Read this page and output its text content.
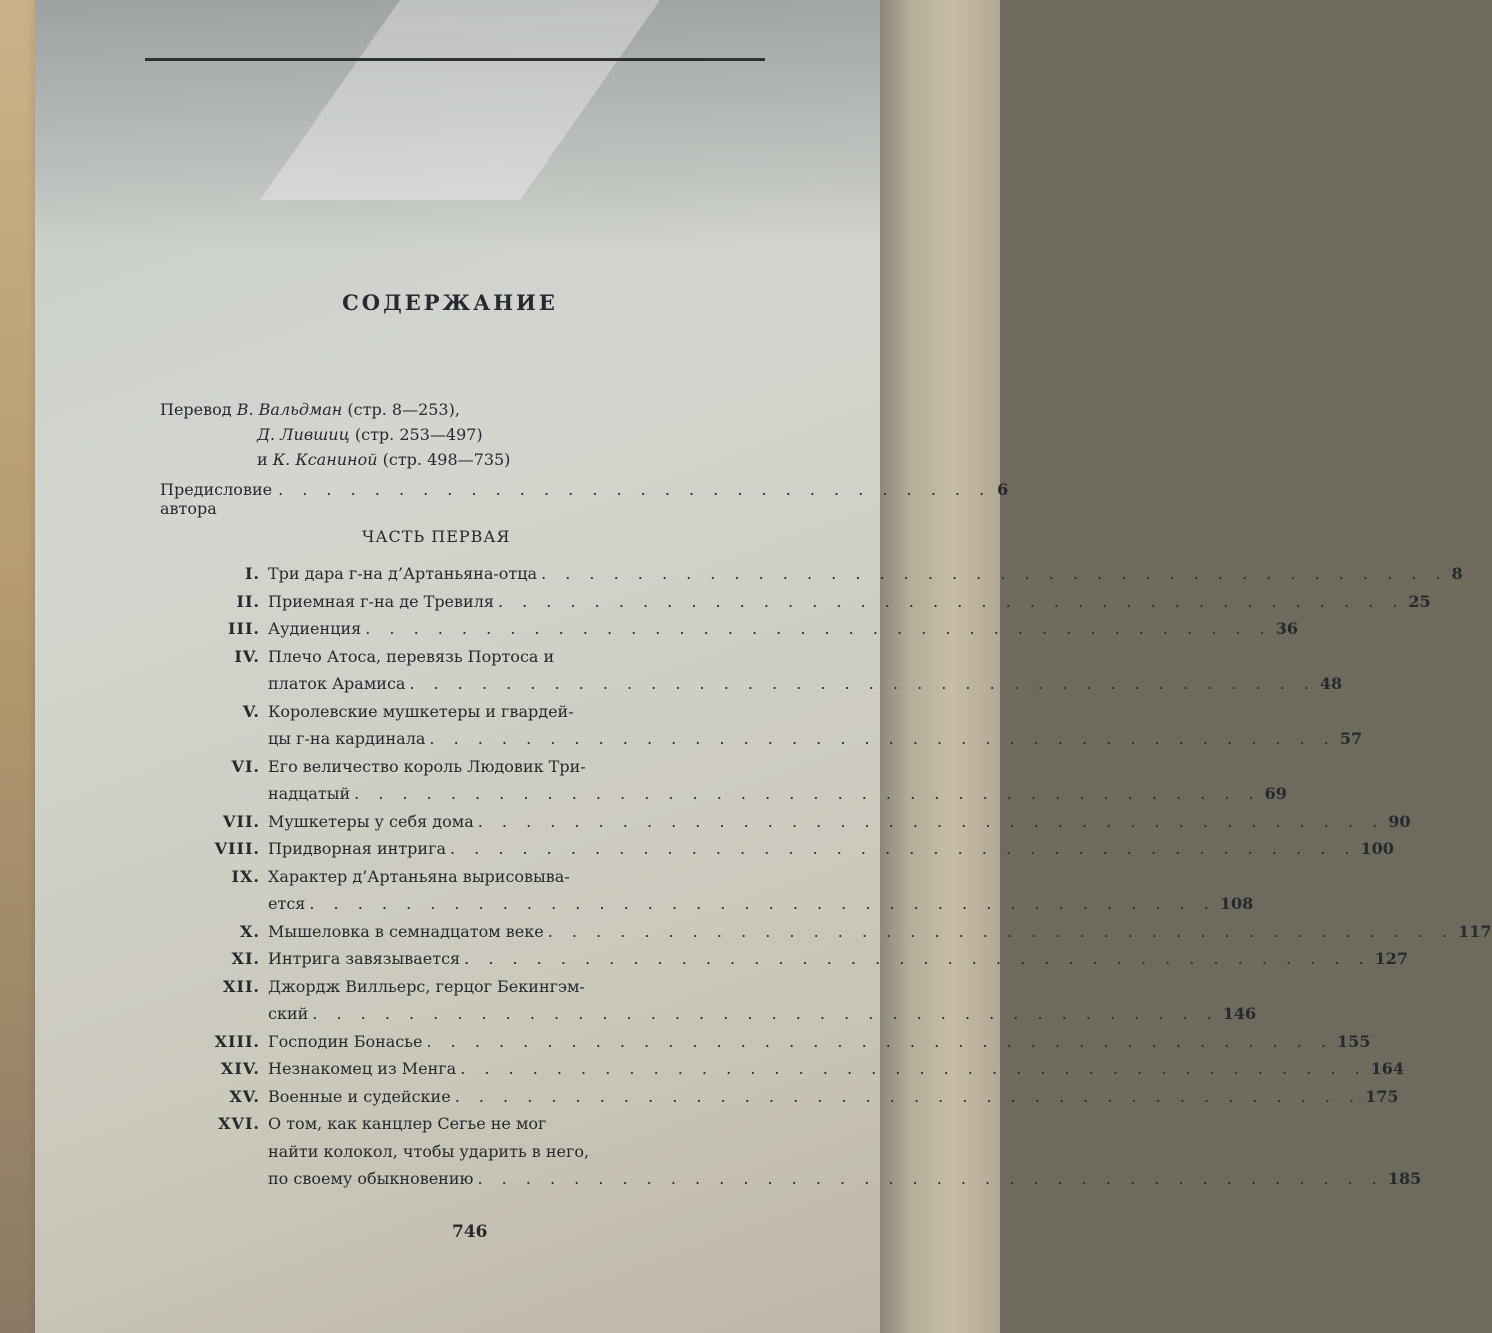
СОДЕРЖАНИЕ
Перевод В. Вальдман (стр. 8—253),
Д. Лившиц (стр. 253—497)
и К. Ксаниной (стр. 498—735)
Предисловие автора
. . . . . . . . . . . . . . . . . . . . . . . . . . . . . . 6
ЧАСТЬ ПЕРВАЯ
I. Три дара г-на д’Артаньяна-отца . . . . . . . . . . . . . . . . . . . . . . . . . . . . . . . . . . . . . . 8
II. Приемная г-на де Тревиля . . . . . . . . . . . . . . . . . . . . . . . . . . . . . . . . . . . . . . 25
III. Аудиенция . . . . . . . . . . . . . . . . . . . . . . . . . . . . . . . . . . . . . . 36
IV. Плечо Атоса, перевязь Портоса и
платок Арамиса . . . . . . . . . . . . . . . . . . . . . . . . . . . . . . . . . . . . . . 48
V. Королевские мушкетеры и гвардей-
цы г-на кардинала . . . . . . . . . . . . . . . . . . . . . . . . . . . . . . . . . . . . . . 57
VI. Его величество король Людовик Три-
надцатый . . . . . . . . . . . . . . . . . . . . . . . . . . . . . . . . . . . . . . 69
VII. Мушкетеры у себя дома . . . . . . . . . . . . . . . . . . . . . . . . . . . . . . . . . . . . . . 90
VIII. Придворная интрига . . . . . . . . . . . . . . . . . . . . . . . . . . . . . . . . . . . . . . 100
IX. Характер д’Артаньяна вырисовыва-
ется . . . . . . . . . . . . . . . . . . . . . . . . . . . . . . . . . . . . . . 108
X. Мышеловка в семнадцатом веке . . . . . . . . . . . . . . . . . . . . . . . . . . . . . . . . . . . . . . 117
XI. Интрига завязывается . . . . . . . . . . . . . . . . . . . . . . . . . . . . . . . . . . . . . . 127
XII. Джордж Вилльерс, герцог Бекингэм-
ский . . . . . . . . . . . . . . . . . . . . . . . . . . . . . . . . . . . . . . 146
XIII. Господин Бонасье . . . . . . . . . . . . . . . . . . . . . . . . . . . . . . . . . . . . . . 155
XIV. Незнакомец из Менга . . . . . . . . . . . . . . . . . . . . . . . . . . . . . . . . . . . . . . 164
XV. Военные и судейские . . . . . . . . . . . . . . . . . . . . . . . . . . . . . . . . . . . . . . 175
XVI. О том, как канцлер Сегье не мог
найти колокол, чтобы ударить в него,
по своему обыкновению . . . . . . . . . . . . . . . . . . . . . . . . . . . . . . . . . . . . . . 185
746
